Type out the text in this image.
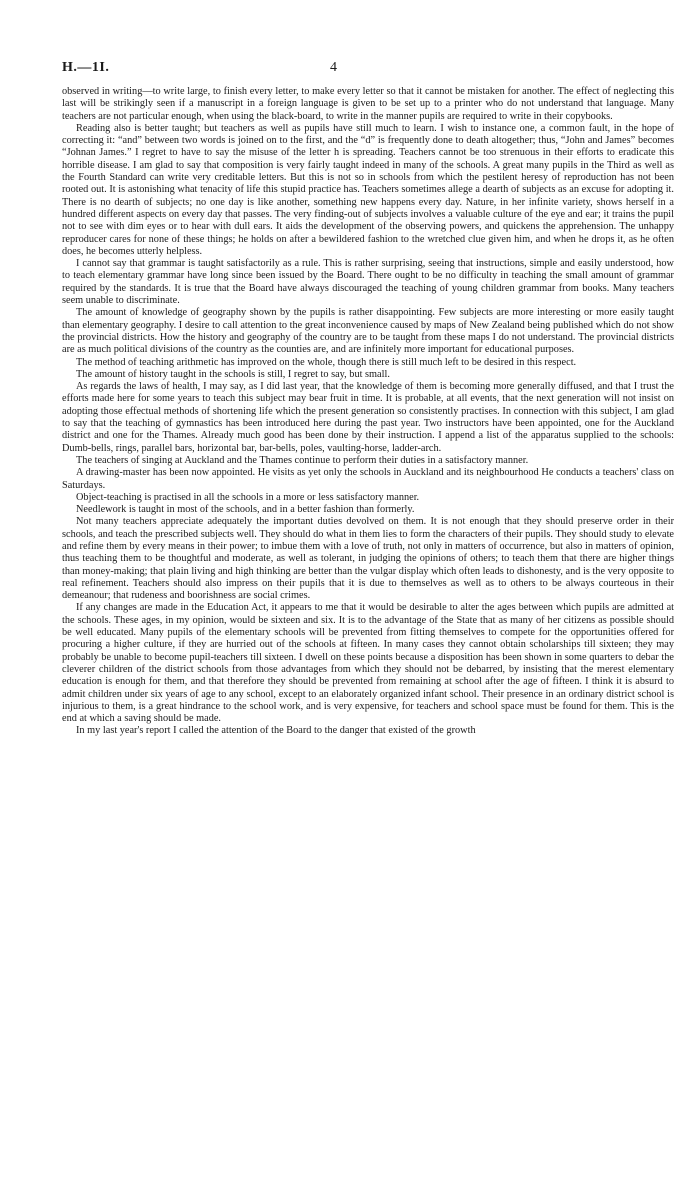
H.—1I.	4

observed in writing—to write large, to finish every letter, to make every letter so that it cannot be mistaken for another. The effect of neglecting this last will be strikingly seen if a manuscript in a foreign language is given to be set up to a printer who do not understand that language. Many teachers are not particular enough, when using the black-board, to write in the manner pupils are required to write in their copybooks.

Reading also is better taught; but teachers as well as pupils have still much to learn. I wish to instance one, a common fault, in the hope of correcting it: “and” between two words is joined on to the first, and the “d” is frequently done to death altogether; thus, “John and James” becomes “Johnan James.” I regret to have to say the misuse of the letter h is spreading. Teachers cannot be too strenuous in their efforts to eradicate this horrible disease. I am glad to say that composition is very fairly taught indeed in many of the schools. A great many pupils in the Third as well as the Fourth Standard can write very creditable letters. But this is not so in schools from which the pestilent heresy of reproduction has not been rooted out. It is astonishing what tenacity of life this stupid practice has. Teachers sometimes allege a dearth of subjects as an excuse for adopting it. There is no dearth of subjects; no one day is like another, something new happens every day. Nature, in her infinite variety, shows herself in a hundred different aspects on every day that passes. The very finding-out of subjects involves a valuable culture of the eye and ear; it trains the pupil not to see with dim eyes or to hear with dull ears. It aids the development of the observing powers, and quickens the apprehension. The unhappy reproducer cares for none of these things; he holds on after a bewildered fashion to the wretched clue given him, and when he drops it, as he often does, he becomes utterly helpless.

I cannot say that grammar is taught satisfactorily as a rule. This is rather surprising, seeing that instructions, simple and easily understood, how to teach elementary grammar have long since been issued by the Board. There ought to be no difficulty in teaching the small amount of grammar required by the standards. It is true that the Board have always discouraged the teaching of young children grammar from books. Many teachers seem unable to discriminate.

The amount of knowledge of geography shown by the pupils is rather disappointing. Few subjects are more interesting or more easily taught than elementary geography. I desire to call attention to the great inconvenience caused by maps of New Zealand being published which do not show the provincial districts. How the history and geography of the country are to be taught from these maps I do not understand. The provincial districts are as much political divisions of the country as the counties are, and are infinitely more important for educational purposes.

The method of teaching arithmetic has improved on the whole, though there is still much left to be desired in this respect.

The amount of history taught in the schools is still, I regret to say, but small.

As regards the laws of health, I may say, as I did last year, that the knowledge of them is becoming more generally diffused, and that I trust the efforts made here for some years to teach this subject may bear fruit in time. It is probable, at all events, that the next generation will not insist on adopting those effectual methods of shortening life which the present generation so consistently practises. In connection with this subject, I am glad to say that the teaching of gymnastics has been introduced here during the past year. Two instructors have been appointed, one for the Auckland district and one for the Thames. Already much good has been done by their instruction. I append a list of the apparatus supplied to the schools: Dumb-bells, rings, parallel bars, horizontal bar, bar-bells, poles, vaulting-horse, ladder-arch.

The teachers of singing at Auckland and the Thames continue to perform their duties in a satisfactory manner.

A drawing-master has been now appointed. He visits as yet only the schools in Auckland and its neighbourhood He conducts a teachers' class on Saturdays.

Object-teaching is practised in all the schools in a more or less satisfactory manner.

Needlework is taught in most of the schools, and in a better fashion than formerly.

Not many teachers appreciate adequately the important duties devolved on them. It is not enough that they should preserve order in their schools, and teach the prescribed subjects well. They should do what in them lies to form the characters of their pupils. They should study to elevate and refine them by every means in their power; to imbue them with a love of truth, not only in matters of occurrence, but also in matters of opinion, thus teaching them to be thoughtful and moderate, as well as tolerant, in judging the opinions of others; to teach them that there are higher things than money-making; that plain living and high thinking are better than the vulgar display which often leads to dishonesty, and is the very opposite to real refinement. Teachers should also impress on their pupils that it is due to themselves as well as to others to be always courteous in their demeanour; that rudeness and boorishness are social crimes.

If any changes are made in the Education Act, it appears to me that it would be desirable to alter the ages between which pupils are admitted at the schools. These ages, in my opinion, would be sixteen and six. It is to the advantage of the State that as many of her citizens as possible should be well educated. Many pupils of the elementary schools will be prevented from fitting themselves to compete for the opportunities offered for procuring a higher culture, if they are hurried out of the schools at fifteen. In many cases they cannot obtain scholarships till sixteen; they may probably be unable to become pupil-teachers till sixteen. I dwell on these points because a disposition has been shown in some quarters to debar the cleverer children of the district schools from those advantages from which they should not be debarred, by insisting that the merest elementary education is enough for them, and that therefore they should be prevented from remaining at school after the age of fifteen. I think it is absurd to admit children under six years of age to any school, except to an elaborately organized infant school. Their presence in an ordinary district school is injurious to them, is a great hindrance to the school work, and is very expensive, for teachers and school space must be found for them. This is the end at which a saving should be made.

In my last year's report I called the attention of the Board to the danger that existed of the growth
